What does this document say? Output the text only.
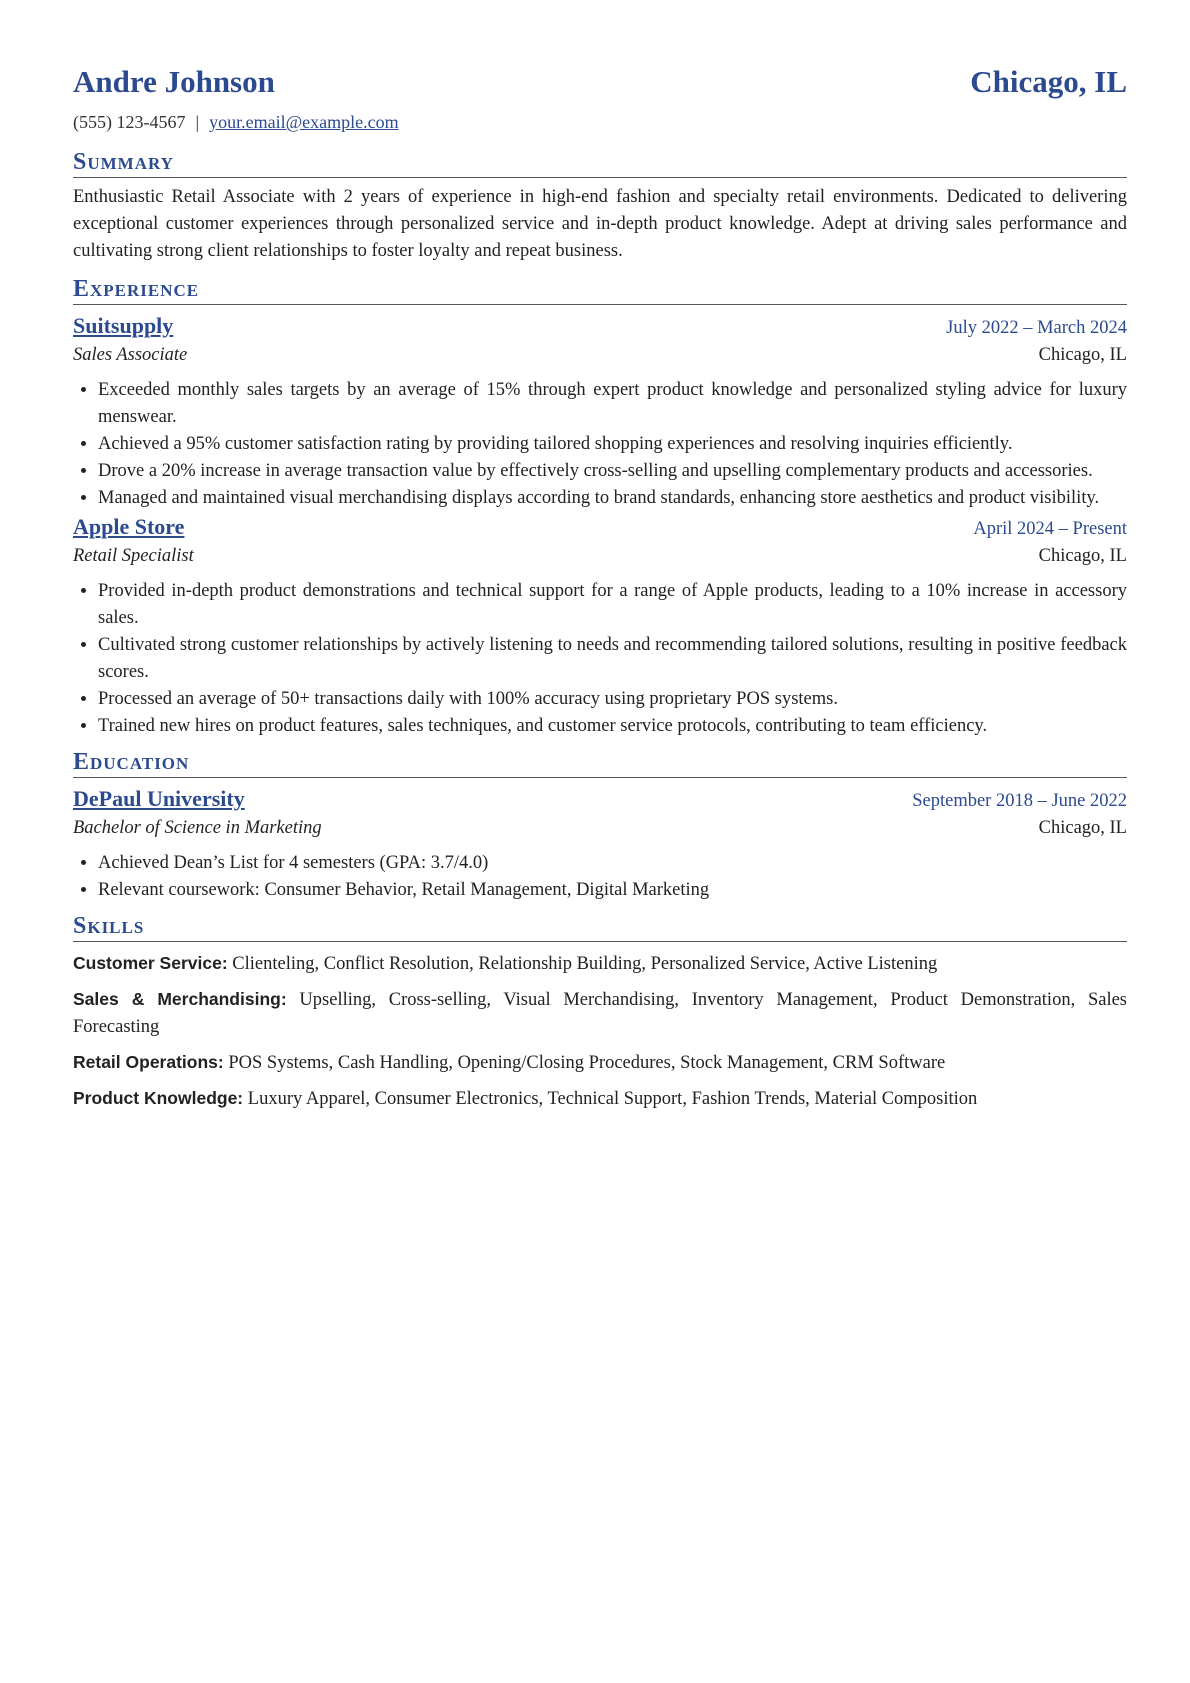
Andre Johnson	Chicago, IL
(555) 123-4567 | your.email@example.com
Summary
Enthusiastic Retail Associate with 2 years of experience in high-end fashion and specialty retail environments. Dedicated to delivering exceptional customer experiences through personalized service and in-depth product knowledge. Adept at driving sales performance and cultivating strong client relationships to foster loyalty and repeat business.
Experience
Suitsupply	July 2022 – March 2024
Sales Associate	Chicago, IL
• Exceeded monthly sales targets by an average of 15% through expert product knowledge and personalized styling advice for luxury menswear.
• Achieved a 95% customer satisfaction rating by providing tailored shopping experiences and resolving inquiries efficiently.
• Drove a 20% increase in average transaction value by effectively cross-selling and upselling complementary products and accessories.
• Managed and maintained visual merchandising displays according to brand standards, enhancing store aesthetics and product visibility.
Apple Store	April 2024 – Present
Retail Specialist	Chicago, IL
• Provided in-depth product demonstrations and technical support for a range of Apple products, leading to a 10% increase in accessory sales.
• Cultivated strong customer relationships by actively listening to needs and recommending tailored solutions, resulting in positive feedback scores.
• Processed an average of 50+ transactions daily with 100% accuracy using proprietary POS systems.
• Trained new hires on product features, sales techniques, and customer service protocols, contributing to team efficiency.
Education
DePaul University	September 2018 – June 2022
Bachelor of Science in Marketing	Chicago, IL
• Achieved Dean’s List for 4 semesters (GPA: 3.7/4.0)
• Relevant coursework: Consumer Behavior, Retail Management, Digital Marketing
Skills
Customer Service: Clienteling, Conflict Resolution, Relationship Building, Personalized Service, Active Listening
Sales & Merchandising: Upselling, Cross-selling, Visual Merchandising, Inventory Management, Product Demonstration, Sales Forecasting
Retail Operations: POS Systems, Cash Handling, Opening/Closing Procedures, Stock Management, CRM Software
Product Knowledge: Luxury Apparel, Consumer Electronics, Technical Support, Fashion Trends, Material Composition
